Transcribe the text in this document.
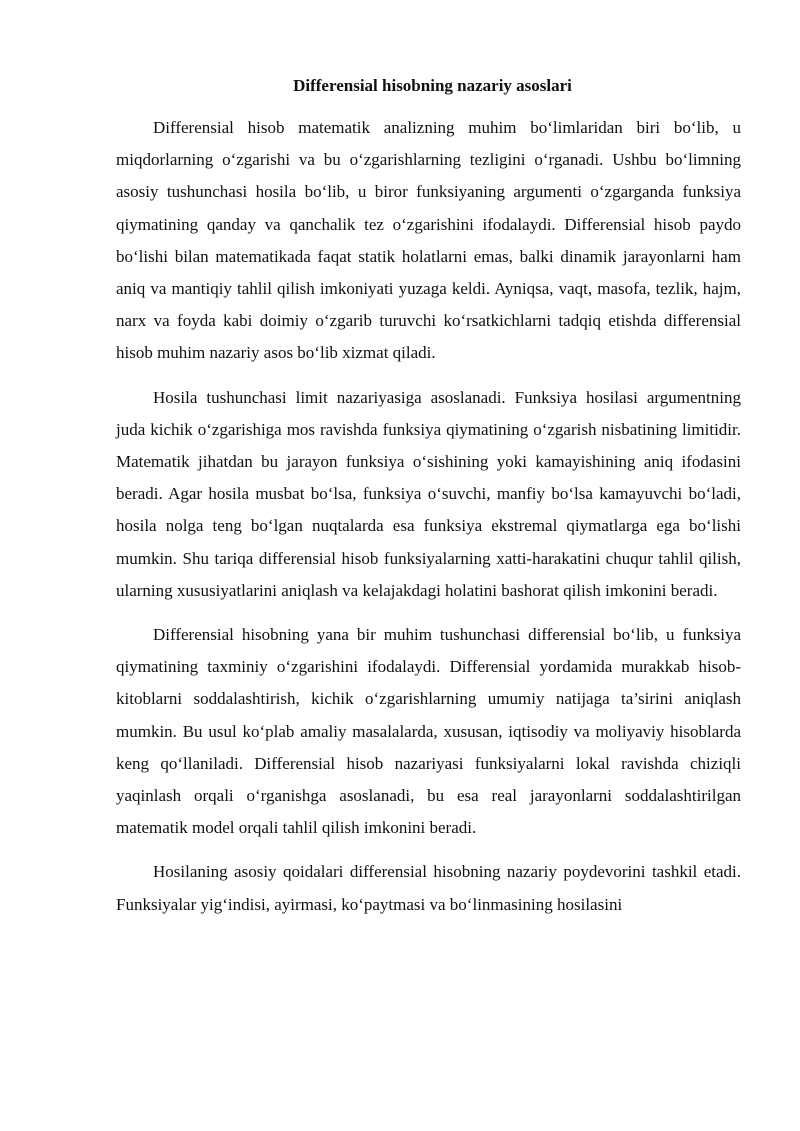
Differensial hisobning nazariy asoslari

Differensial hisob matematik analizning muhim bo‘limlaridan biri bo‘lib, u miqdorlarning o‘zgarishi va bu o‘zgarishlarning tezligini o‘rganadi. Ushbu bo‘limning asosiy tushunchasi hosila bo‘lib, u biror funksiyaning argumenti o‘zgarganda funksiya qiymatining qanday va qanchalik tez o‘zgarishini ifodalaydi. Differensial hisob paydo bo‘lishi bilan matematikada faqat statik holatlarni emas, balki dinamik jarayonlarni ham aniq va mantiqiy tahlil qilish imkoniyati yuzaga keldi. Ayniqsa, vaqt, masofa, tezlik, hajm, narx va foyda kabi doimiy o‘zgarib turuvchi ko‘rsatkichlarni tadqiq etishda differensial hisob muhim nazariy asos bo‘lib xizmat qiladi.

Hosila tushunchasi limit nazariyasiga asoslanadi. Funksiya hosilasi argumentning juda kichik o‘zgarishiga mos ravishda funksiya qiymatining o‘zgarish nisbatining limitidir. Matematik jihatdan bu jarayon funksiya o‘sishining yoki kamayishining aniq ifodasini beradi. Agar hosila musbat bo‘lsa, funksiya o‘suvchi, manfiy bo‘lsa kamayuvchi bo‘ladi, hosila nolga teng bo‘lgan nuqtalarda esa funksiya ekstremal qiymatlarga ega bo‘lishi mumkin. Shu tariqa differensial hisob funksiyalarning xatti-harakatini chuqur tahlil qilish, ularning xususiyatlarini aniqlash va kelajakdagi holatini bashorat qilish imkonini beradi.

Differensial hisobning yana bir muhim tushunchasi differensial bo‘lib, u funksiya qiymatining taxminiy o‘zgarishini ifodalaydi. Differensial yordamida murakkab hisob-kitoblarni soddalashtirish, kichik o‘zgarishlarning umumiy natijaga ta’sirini aniqlash mumkin. Bu usul ko‘plab amaliy masalalarda, xususan, iqtisodiy va moliyaviy hisoblarda keng qo‘llaniladi. Differensial hisob nazariyasi funksiyalarni lokal ravishda chiziqli yaqinlash orqali o‘rganishga asoslanadi, bu esa real jarayonlarni soddalashtirilgan matematik model orqali tahlil qilish imkonini beradi.

Hosilaning asosiy qoidalari differensial hisobning nazariy poydevorini tashkil etadi. Funksiyalar yig‘indisi, ayirmasi, ko‘paytmasi va bo‘linmasining hosilasini
